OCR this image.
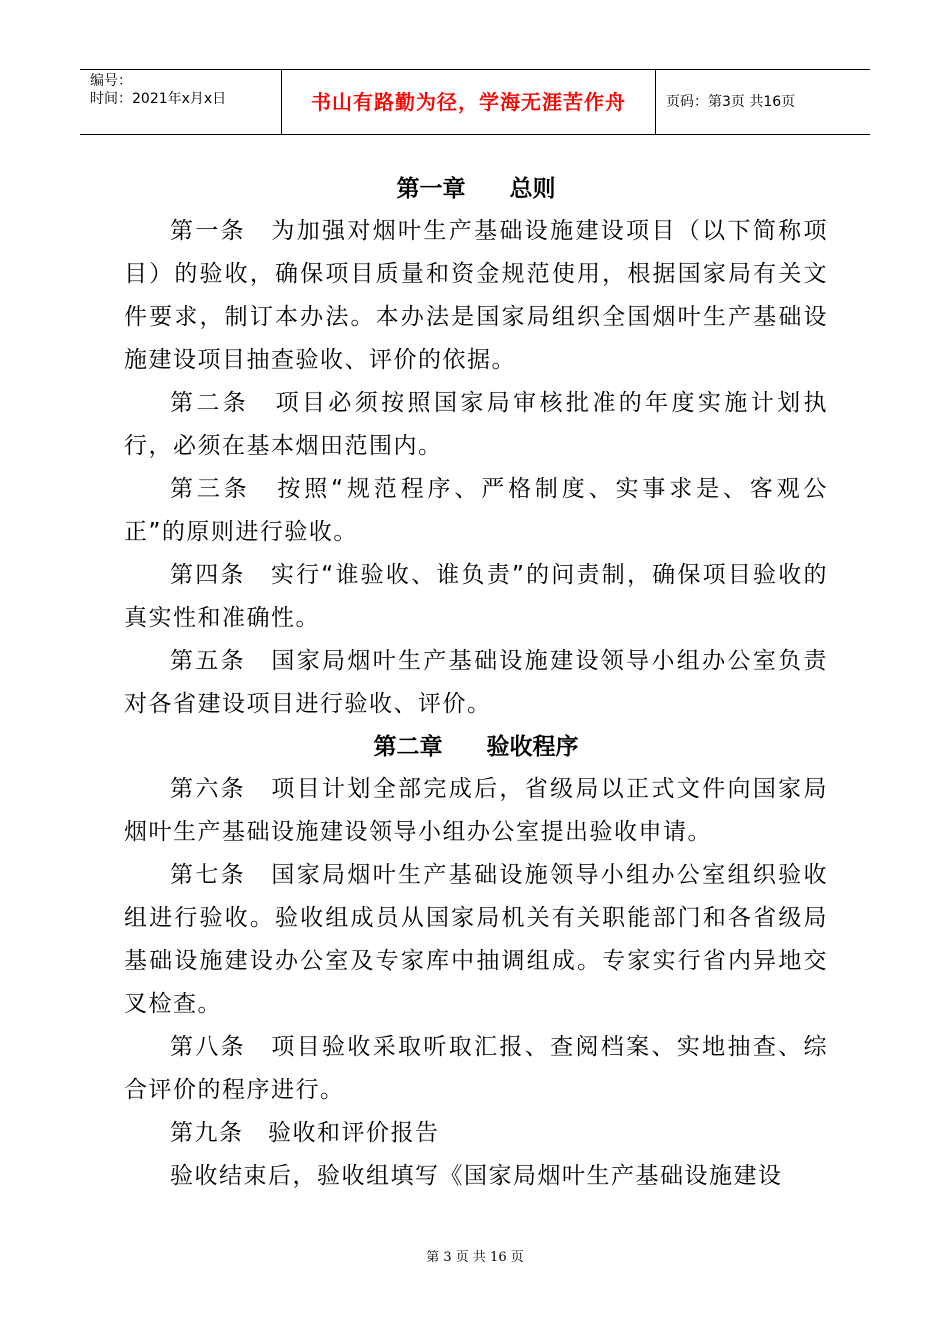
编号：
时间：2021年x月x日	书山有路勤为径，学海无涯苦作舟	页码：第3页 共16页
第一章 总则

第一条　为加强对烟叶生产基础设施建设项目（以下简称项目）的验收，确保项目质量和资金规范使用，根据国家局有关文件要求，制订本办法。本办法是国家局组织全国烟叶生产基础设施建设项目抽查验收、评价的依据。

第二条　项目必须按照国家局审核批准的年度实施计划执行，必须在基本烟田范围内。

第三条　按照“规范程序、严格制度、实事求是、客观公正”的原则进行验收。

第四条　实行“谁验收、谁负责”的问责制，确保项目验收的真实性和准确性。

第五条　国家局烟叶生产基础设施建设领导小组办公室负责对各省建设项目进行验收、评价。

第二章 验收程序

第六条　项目计划全部完成后，省级局以正式文件向国家局烟叶生产基础设施建设领导小组办公室提出验收申请。

第七条　国家局烟叶生产基础设施领导小组办公室组织验收组进行验收。验收组成员从国家局机关有关职能部门和各省级局基础设施建设办公室及专家库中抽调组成。专家实行省内异地交叉检查。

第八条　项目验收采取听取汇报、查阅档案、实地抽查、综合评价的程序进行。

第九条　验收和评价报告

验收结束后，验收组填写《国家局烟叶生产基础设施建设

第 3 页 共 16 页
